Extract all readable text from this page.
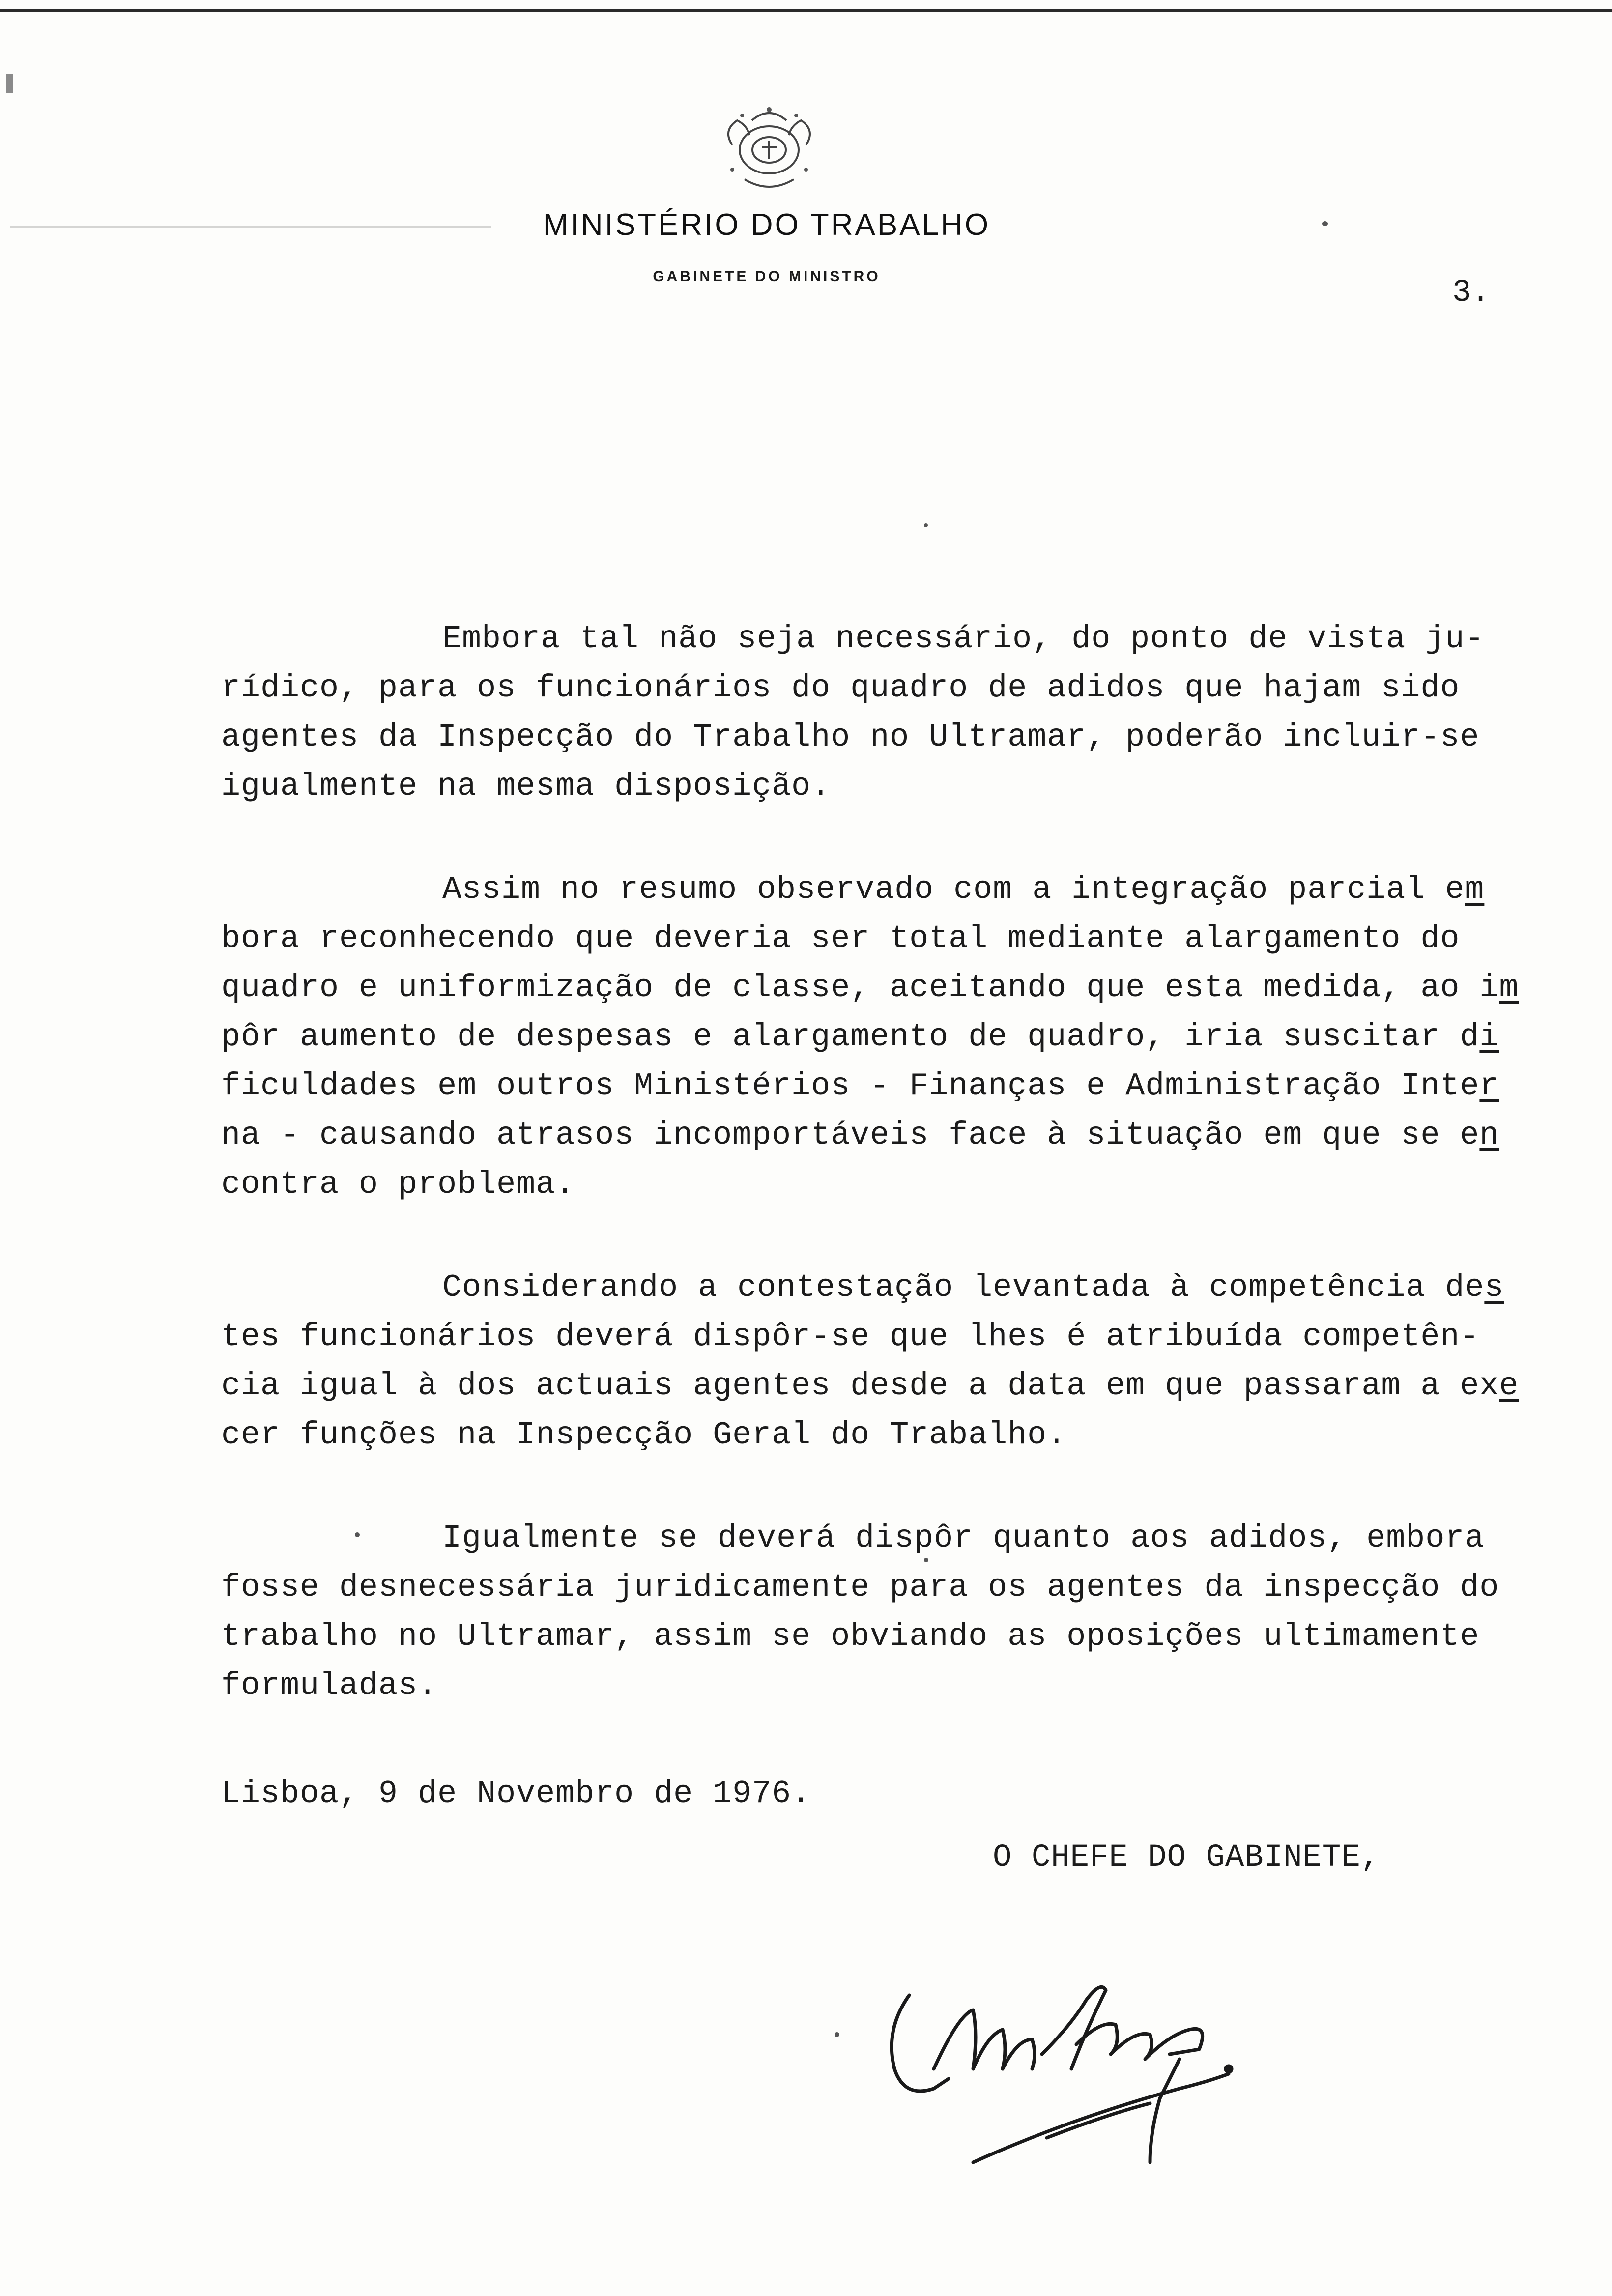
MINISTÉRIO DO TRABALHO
GABINETE DO MINISTRO	3.
Embora tal não seja necessário, do ponto de vista ju-
rídico, para os funcionários do quadro de adidos que hajam sido
agentes da Inspecção do Trabalho no Ultramar, poderão incluir-se
igualmente na mesma disposição.
Assim no resumo observado com a integração parcial em
bora reconhecendo que deveria ser total mediante alargamento do
quadro e uniformização de classe, aceitando que esta medida, ao im
pôr aumento de despesas e alargamento de quadro, iria suscitar di
ficuldades em outros Ministérios - Finanças e Administração Inter
na - causando atrasos incomportáveis face à situação em que se en
contra o problema.
Considerando a contestação levantada à competência des
tes funcionários deverá dispôr-se que lhes é atribuída competên-
cia igual à dos actuais agentes desde a data em que passaram a exe
cer funções na Inspecção Geral do Trabalho.
Igualmente se deverá dispôr quanto aos adidos, embora
fosse desnecessária juridicamente para os agentes da inspecção do
trabalho no Ultramar, assim se obviando as oposições ultimamente
formuladas.
Lisboa, 9 de Novembro de 1976.
O CHEFE DO GABINETE,
